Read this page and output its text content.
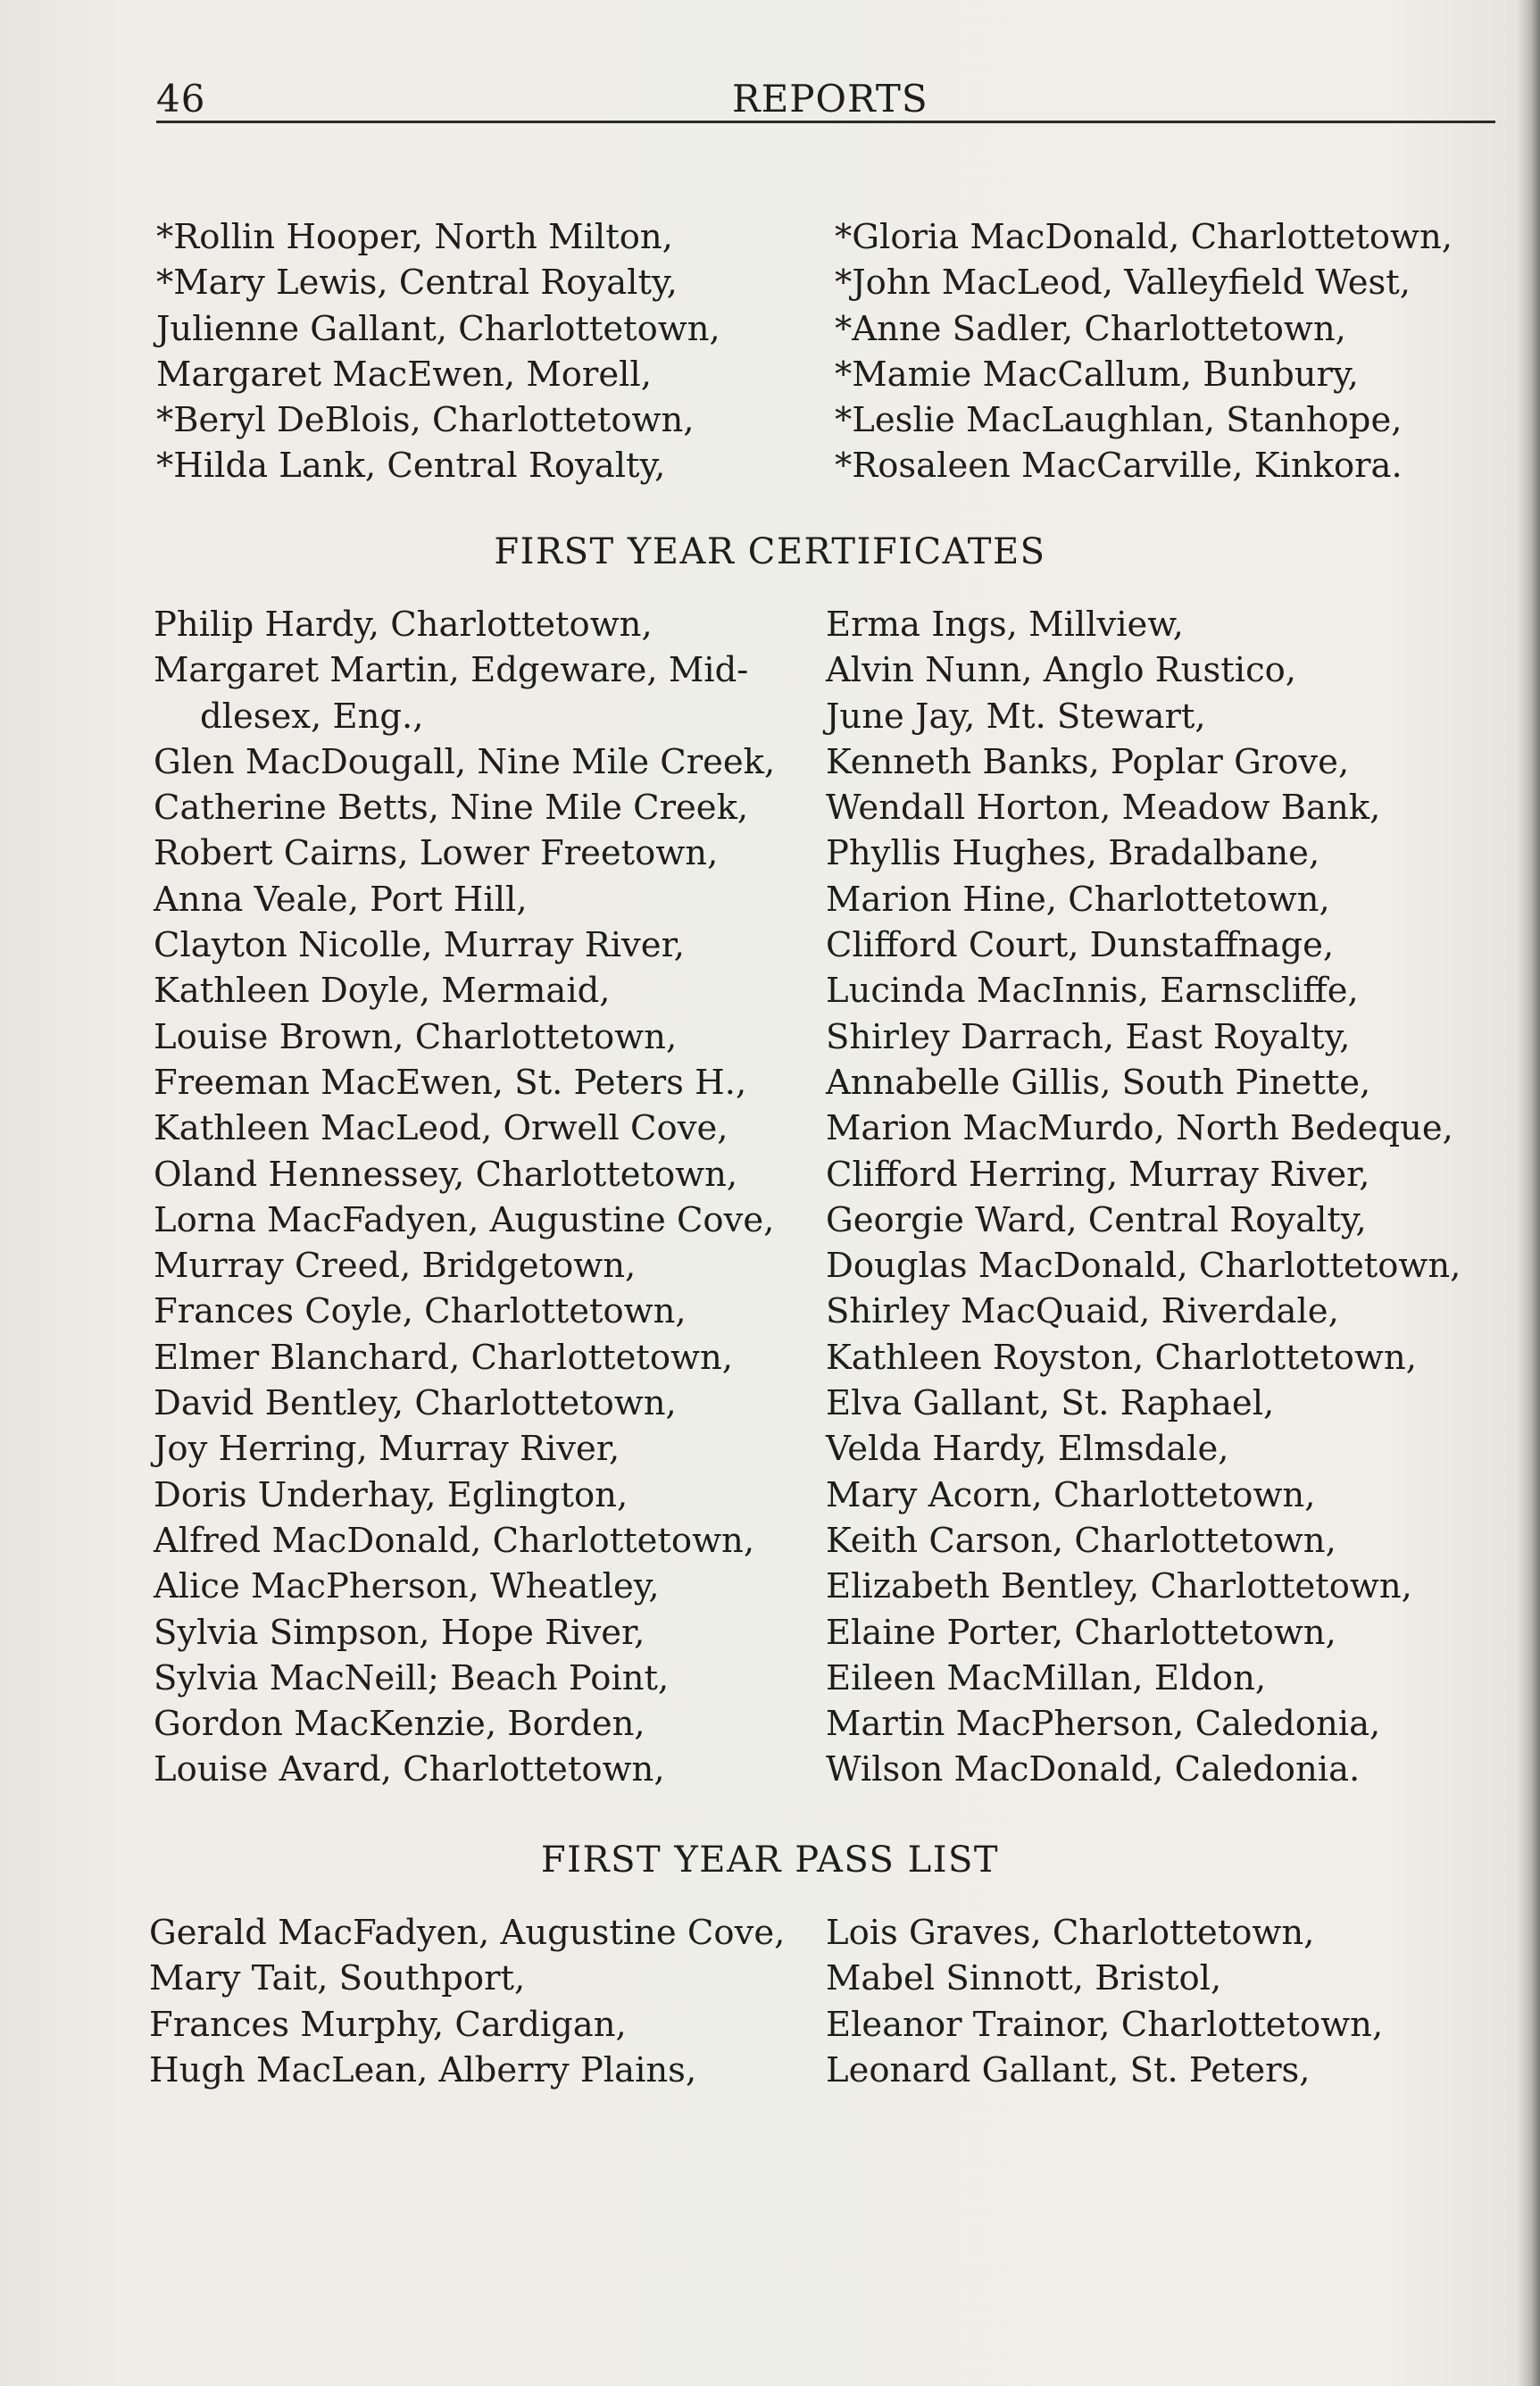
46	REPORTS
*Rollin Hooper, North Milton,
*Mary Lewis, Central Royalty,
Julienne Gallant, Charlottetown,
Margaret MacEwen, Morell,
*Beryl DeBlois, Charlottetown,
*Hilda Lank, Central Royalty,
*Gloria MacDonald, Charlottetown,
*John MacLeod, Valleyfield West,
*Anne Sadler, Charlottetown,
*Mamie MacCallum, Bunbury,
*Leslie MacLaughlan, Stanhope,
*Rosaleen MacCarville, Kinkora.
FIRST YEAR CERTIFICATES
Philip Hardy, Charlottetown,
Margaret Martin, Edgeware, Mid-
dlesex, Eng.,
Glen MacDougall, Nine Mile Creek,
Catherine Betts, Nine Mile Creek,
Robert Cairns, Lower Freetown,
Anna Veale, Port Hill,
Clayton Nicolle, Murray River,
Kathleen Doyle, Mermaid,
Louise Brown, Charlottetown,
Freeman MacEwen, St. Peters H.,
Kathleen MacLeod, Orwell Cove,
Oland Hennessey, Charlottetown,
Lorna MacFadyen, Augustine Cove,
Murray Creed, Bridgetown,
Frances Coyle, Charlottetown,
Elmer Blanchard, Charlottetown,
David Bentley, Charlottetown,
Joy Herring, Murray River,
Doris Underhay, Eglington,
Alfred MacDonald, Charlottetown,
Alice MacPherson, Wheatley,
Sylvia Simpson, Hope River,
Sylvia MacNeill; Beach Point,
Gordon MacKenzie, Borden,
Louise Avard, Charlottetown,
Erma Ings, Millview,
Alvin Nunn, Anglo Rustico,
June Jay, Mt. Stewart,
Kenneth Banks, Poplar Grove,
Wendall Horton, Meadow Bank,
Phyllis Hughes, Bradalbane,
Marion Hine, Charlottetown,
Clifford Court, Dunstaffnage,
Lucinda MacInnis, Earnscliffe,
Shirley Darrach, East Royalty,
Annabelle Gillis, South Pinette,
Marion MacMurdo, North Bedeque,
Clifford Herring, Murray River,
Georgie Ward, Central Royalty,
Douglas MacDonald, Charlottetown,
Shirley MacQuaid, Riverdale,
Kathleen Royston, Charlottetown,
Elva Gallant, St. Raphael,
Velda Hardy, Elmsdale,
Mary Acorn, Charlottetown,
Keith Carson, Charlottetown,
Elizabeth Bentley, Charlottetown,
Elaine Porter, Charlottetown,
Eileen MacMillan, Eldon,
Martin MacPherson, Caledonia,
Wilson MacDonald, Caledonia.
FIRST YEAR PASS LIST
Gerald MacFadyen, Augustine Cove,
Mary Tait, Southport,
Frances Murphy, Cardigan,
Hugh MacLean, Alberry Plains,
Lois Graves, Charlottetown,
Mabel Sinnott, Bristol,
Eleanor Trainor, Charlottetown,
Leonard Gallant, St. Peters,
